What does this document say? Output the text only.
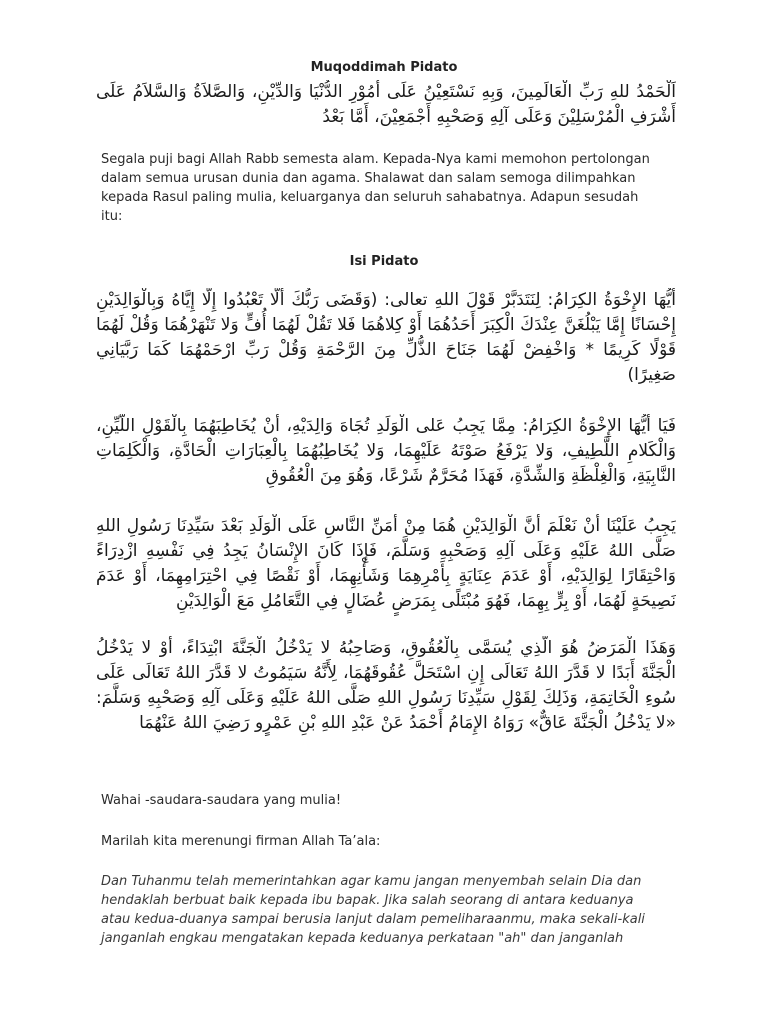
Muqoddimah Pidato
اَلْحَمْدُ للهِ رَبِّ الْعَالَمِينَ، وَبِهِ نَسْتَعِيْنُ عَلَى أُمُوْرِ الدُّنْيَا وَالدِّيْنِ، وَالصَّلاَةُ وَالسَّلاَمُ عَلَى أَشْرَفِ الْمُرْسَلِيْنَ وَعَلَى آلِهِ وَصَحْبِهِ أَجْمَعِيْنَ، أَمَّا بَعْدُ
Segala puji bagi Allah Rabb semesta alam. Kepada-Nya kami memohon pertolongan dalam semua urusan dunia dan agama. Shalawat dan salam semoga dilimpahkan kepada Rasul paling mulia, keluarganya dan seluruh sahabatnya. Adapun sesudah itu:
Isi Pidato
أَيُّهَا الإِخْوَةُ الكِرَامُ: لِنَتَدَبَّرْ قَوْلَ اللهِ تعالى: (وَقَضَى رَبُّكَ أَلَّا تَعْبُدُوا إِلَّا إِيَّاهُ وَبِالْوَالِدَيْنِ إِحْسَانًا إِمَّا يَبْلُغَنَّ عِنْدَكَ الْكِبَرَ أَحَدُهُمَا أَوْ كِلاهُمَا فَلا تَقُلْ لَهُمَا أُفٍّ وَلا تَنْهَرْهُمَا وَقُلْ لَهُمَا قَوْلًا كَرِيمًا * وَاخْفِضْ لَهُمَا جَنَاحَ الذُّلِّ مِنَ الرَّحْمَةِ وَقُلْ رَبِّ ارْحَمْهُمَا كَمَا رَبَّيَانِي صَغِيرًا)
فَيَا أَيُّهَا الإِخْوَةُ الكِرَامُ: مِمَّا يَجِبُ عَلى الْوَلَدِ تُجَاهَ وَالِدَيْهِ، أَنْ يُخَاطِبَهُمَا بِالْقَوْلِ اللَّيِّنِ، وَالْكَلامِ اللَّطِيفِ، وَلا يَرْفَعُ صَوْتَهُ عَلَيْهِمَا، وَلا يُخَاطِبُهُمَا بِالْعِبَارَاتِ الْحَادَّةِ، وَالْكَلِمَاتِ النَّابِيَةِ، وَالْغِلْظَةِ وَالشِّدَّةِ، فَهَذَا مُحَرَّمٌ شَرْعًا، وَهُوَ مِنَ الْعُقُوقِ
يَجِبُ عَلَيْنَا أَنْ نَعْلَمَ أَنَّ الْوَالِدَيْنِ هُمَا مِنْ أَمَنِّ النَّاسِ عَلَى الْوَلَدِ بَعْدَ سَيِّدِنَا رَسُولِ اللهِ صَلَّى اللهُ عَلَيْهِ وَعَلَى آلِهِ وَصَحْبِهِ وَسَلَّمَ، فَإِذَا كَانَ الإِنْسَانُ يَجِدُ فِي نَفْسِهِ ازْدِرَاءً وَاحْتِقَارًا لِوَالِدَيْهِ، أَوْ عَدَمَ عِنَايَةٍ بِأَمْرِهِمَا وَشَأْنِهِمَا، أَوْ نَقْصًا فِي احْتِرَامِهِمَا، أَوْ عَدَمَ نَصِيحَةٍ لَهُمَا، أَوْ بِرٍّ بِهِمَا، فَهُوَ مُبْتَلًى بِمَرَضٍ عُضَالٍ فِي التَّعَامُلِ مَعَ الْوَالِدَيْنِ
وَهَذَا الْمَرَضُ هُوَ الَّذِي يُسَمَّى بِالْعُقُوقِ، وَصَاحِبُهُ لا يَدْخُلُ الْجَنَّةَ ابْتِدَاءً، أَوْ لا يَدْخُلُ الْجَنَّةَ أَبَدًا لا قَدَّرَ اللهُ تَعَالَى إِنِ اسْتَحَلَّ عُقُوقَهُمَا، لِأَنَّهُ سَيَمُوتُ لا قَدَّرَ اللهُ تَعَالَى عَلَى سُوءِ الْخَاتِمَةِ، وَذَلِكَ لِقَوْلِ سَيِّدِنَا رَسُولِ اللهِ صَلَّى اللهُ عَلَيْهِ وَعَلَى آلِهِ وَصَحْبِهِ وَسَلَّمَ: «لا يَدْخُلُ الْجَنَّةَ عَاقٌّ» رَوَاهُ الإِمَامُ أَحْمَدُ عَنْ عَبْدِ اللهِ بْنِ عَمْرٍو رَضِيَ اللهُ عَنْهُمَا
Wahai -saudara-saudara yang mulia!
Marilah kita merenungi firman Allah Ta’ala:
Dan Tuhanmu telah memerintahkan agar kamu jangan menyembah selain Dia dan hendaklah berbuat baik kepada ibu bapak. Jika salah seorang di antara keduanya atau kedua-duanya sampai berusia lanjut dalam pemeliharaanmu, maka sekali-kali janganlah engkau mengatakan kepada keduanya perkataan "ah" dan janganlah
